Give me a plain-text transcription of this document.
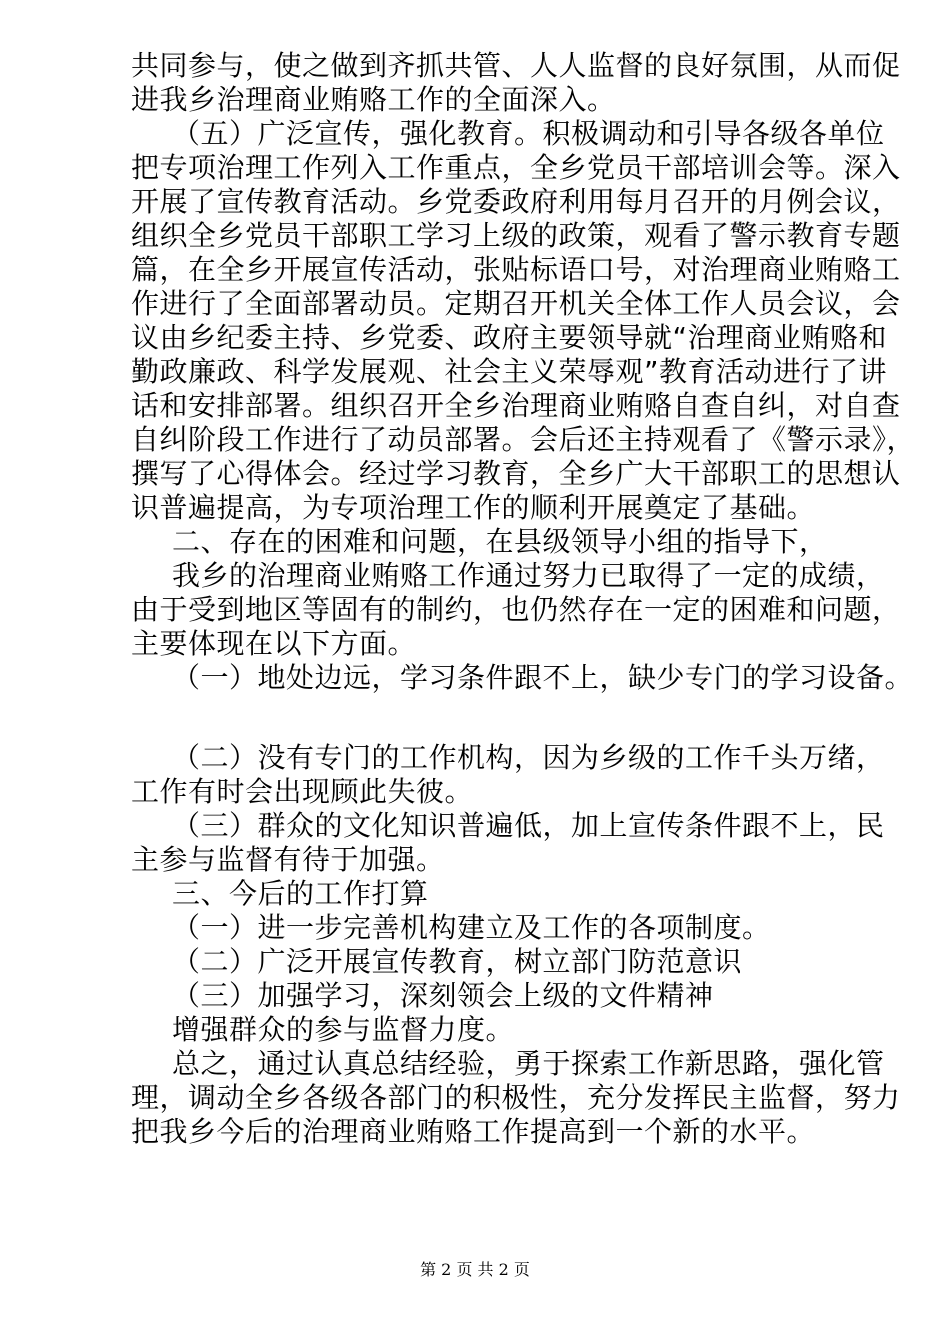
共同参与，使之做到齐抓共管、人人监督的良好氛围，从而促
进我乡治理商业贿赂工作的全面深入。
（五）广泛宣传，强化教育。积极调动和引导各级各单位
把专项治理工作列入工作重点，全乡党员干部培训会等。深入
开展了宣传教育活动。乡党委政府利用每月召开的月例会议，
组织全乡党员干部职工学习上级的政策，观看了警示教育专题
篇，在全乡开展宣传活动，张贴标语口号，对治理商业贿赂工
作进行了全面部署动员。定期召开机关全体工作人员会议，会
议由乡纪委主持、乡党委、政府主要领导就“治理商业贿赂和
勤政廉政、科学发展观、社会主义荣辱观”教育活动进行了讲
话和安排部署。组织召开全乡治理商业贿赂自查自纠，对自查
自纠阶段工作进行了动员部署。会后还主持观看了《警示录》，
撰写了心得体会。经过学习教育，全乡广大干部职工的思想认
识普遍提高，为专项治理工作的顺利开展奠定了基础。
二、存在的困难和问题，在县级领导小组的指导下，
我乡的治理商业贿赂工作通过努力已取得了一定的成绩，
由于受到地区等固有的制约，也仍然存在一定的困难和问题，
主要体现在以下方面。
（一）地处边远，学习条件跟不上，缺少专门的学习设备。
（二）没有专门的工作机构，因为乡级的工作千头万绪，
工作有时会出现顾此失彼。
（三）群众的文化知识普遍低，加上宣传条件跟不上，民
主参与监督有待于加强。
三、今后的工作打算
（一）进一步完善机构建立及工作的各项制度。
（二）广泛开展宣传教育，树立部门防范意识
（三）加强学习，深刻领会上级的文件精神
增强群众的参与监督力度。
总之，通过认真总结经验，勇于探索工作新思路，强化管
理，调动全乡各级各部门的积极性，充分发挥民主监督，努力
把我乡今后的治理商业贿赂工作提高到一个新的水平。
第 2 页 共 2 页
